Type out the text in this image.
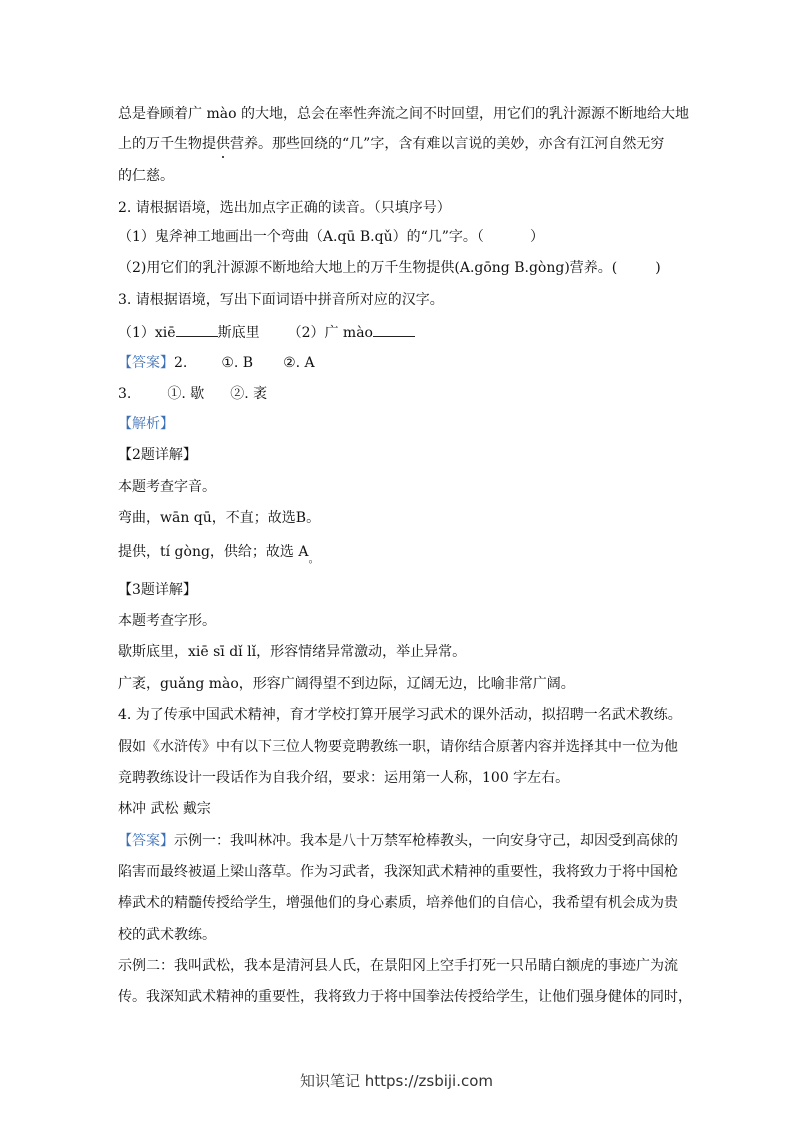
总是眷顾着广 mào 的大地，总会在率性奔流之间不时回望，用它们的乳汁源源不断地给大地
上的万千生物提供营养。那些回绕的“几”字，含有难以言说的美妙，亦含有江河自然无穷
的仁慈。
2. 请根据语境，选出加点字正确的读音。（只填序号）
（1）鬼斧神工地画出一个弯曲（A.qū B.qǔ）的“几”字。（	）
（2)用它们的乳汁源源不断地给大地上的万千生物提供(A.gōng B.gòng)营养。(	)
3. 请根据语境，写出下面词语中拼音所对应的汉字。
（1）xiē	斯底里 （2）广 mào
【答案】2. ①. B ②. A
3.	①. 歇 ②. 袤
【解析】
【2题详解】
本题考查字音。
弯曲，wān qū，不直；故选B。
提供，tí gòng，供给；故选 $A_。$
【3题详解】
本题考查字形。
歇斯底里，xiē sī dǐ lǐ，形容情绪异常激动，举止异常。
广袤，guǎng mào，形容广阔得望不到边际，辽阔无边，比喻非常广阔。
4. 为了传承中国武术精神，育才学校打算开展学习武术的课外活动，拟招聘一名武术教练。
假如《水浒传》中有以下三位人物要竞聘教练一职，请你结合原著内容并选择其中一位为他
竞聘教练设计一段话作为自我介绍，要求：运用第一人称，100 字左右。
林冲 武松 戴宗
【答案】示例一：我叫林冲。我本是八十万禁军枪棒教头，一向安身守己，却因受到高俅的
陷害而最终被逼上梁山落草。作为习武者，我深知武术精神的重要性，我将致力于将中国枪
棒武术的精髓传授给学生，增强他们的身心素质，培养他们的自信心，我希望有机会成为贵
校的武术教练。
示例二：我叫武松，我本是清河县人氏，在景阳冈上空手打死一只吊睛白额虎的事迹广为流
传。我深知武术精神的重要性，我将致力于将中国拳法传授给学生，让他们强身健体的同时，
知识笔记 https://zsbiji.com
